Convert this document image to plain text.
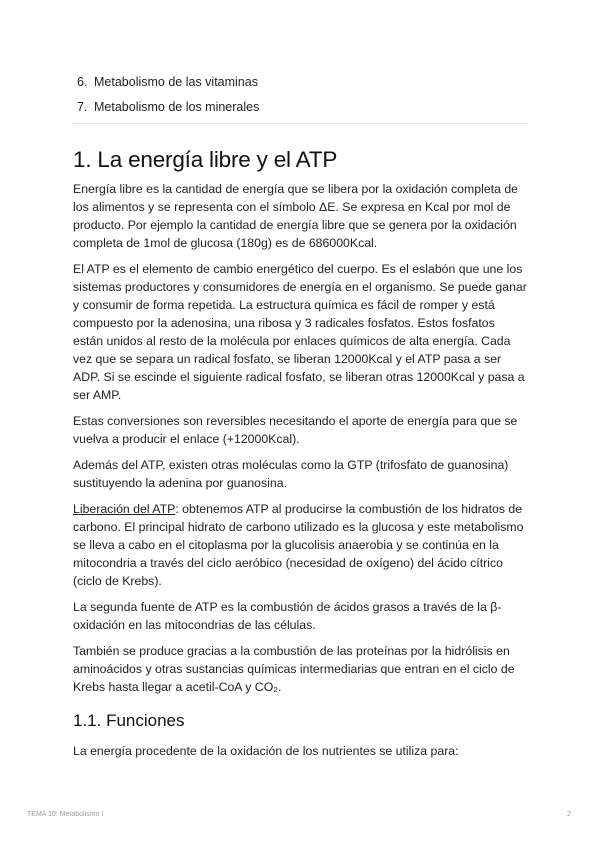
6. Metabolismo de las vitaminas
7. Metabolismo de los minerales
1. La energía libre y el ATP

Energía libre es la cantidad de energía que se libera por la oxidación completa de los alimentos y se representa con el símbolo ΔE. Se expresa en Kcal por mol de producto. Por ejemplo la cantidad de energía libre que se genera por la oxidación completa de 1mol de glucosa (180g) es de 686000Kcal.

El ATP es el elemento de cambio energético del cuerpo. Es el eslabón que une los sistemas productores y consumidores de energía en el organismo. Se puede ganar y consumir de forma repetida. La estructura química es fácil de romper y está compuesto por la adenosina, una ribosa y 3 radicales fosfatos. Estos fosfatos están unidos al resto de la molécula por enlaces químicos de alta energía. Cada vez que se separa un radical fosfato, se liberan 12000Kcal y el ATP pasa a ser ADP. Si se escinde el siguiente radical fosfato, se liberan otras 12000Kcal y pasa a ser AMP.

Estas conversiones son reversibles necesitando el aporte de energía para que se vuelva a producir el enlace (+12000Kcal).

Además del ATP, existen otras moléculas como la GTP (trifosfato de guanosina) sustituyendo la adenina por guanosina.

Liberación del ATP: obtenemos ATP al producirse la combustión de los hidratos de carbono. El principal hidrato de carbono utilizado es la glucosa y este metabolismo se lleva a cabo en el citoplasma por la glucolisis anaerobia y se continúa en la mitocondria a través del ciclo aeróbico (necesidad de oxígeno) del ácido cítrico (ciclo de Krebs).

La segunda fuente de ATP es la combustión de ácidos grasos a través de la β-oxidación en las mitocondrias de las células.

También se produce gracias a la combustión de las proteínas por la hidrólisis en aminoácidos y otras sustancias químicas intermediarias que entran en el ciclo de Krebs hasta llegar a acetil-CoA y CO₂.

1.1. Funciones

La energía procedente de la oxidación de los nutrientes se utiliza para:

TEMA 10: Metabolismo I	2
